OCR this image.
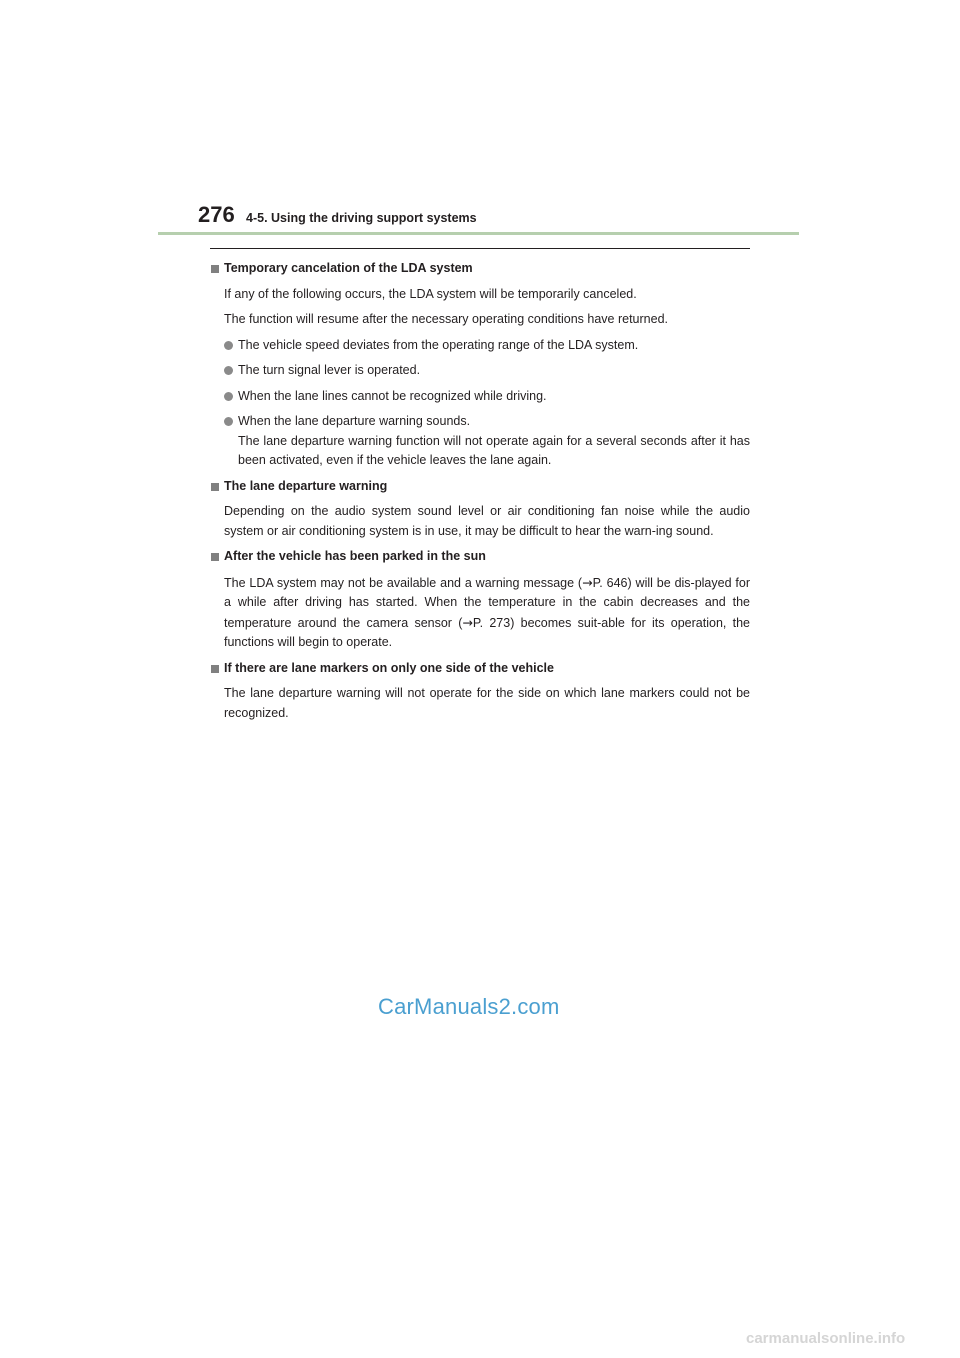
276 4-5. Using the driving support systems
Temporary cancelation of the LDA system
If any of the following occurs, the LDA system will be temporarily canceled.
The function will resume after the necessary operating conditions have returned.
The vehicle speed deviates from the operating range of the LDA system.
The turn signal lever is operated.
When the lane lines cannot be recognized while driving.
When the lane departure warning sounds.
The lane departure warning function will not operate again for a several seconds after it has been activated, even if the vehicle leaves the lane again.
The lane departure warning
Depending on the audio system sound level or air conditioning fan noise while the audio system or air conditioning system is in use, it may be difficult to hear the warn-ing sound.
After the vehicle has been parked in the sun
The LDA system may not be available and a warning message (→P. 646) will be dis-played for a while after driving has started. When the temperature in the cabin decreases and the temperature around the camera sensor (→P. 273) becomes suit-able for its operation, the functions will begin to operate.
If there are lane markers on only one side of the vehicle
The lane departure warning will not operate for the side on which lane markers could not be recognized.
CarManuals2.com
carmanualsonline.info
